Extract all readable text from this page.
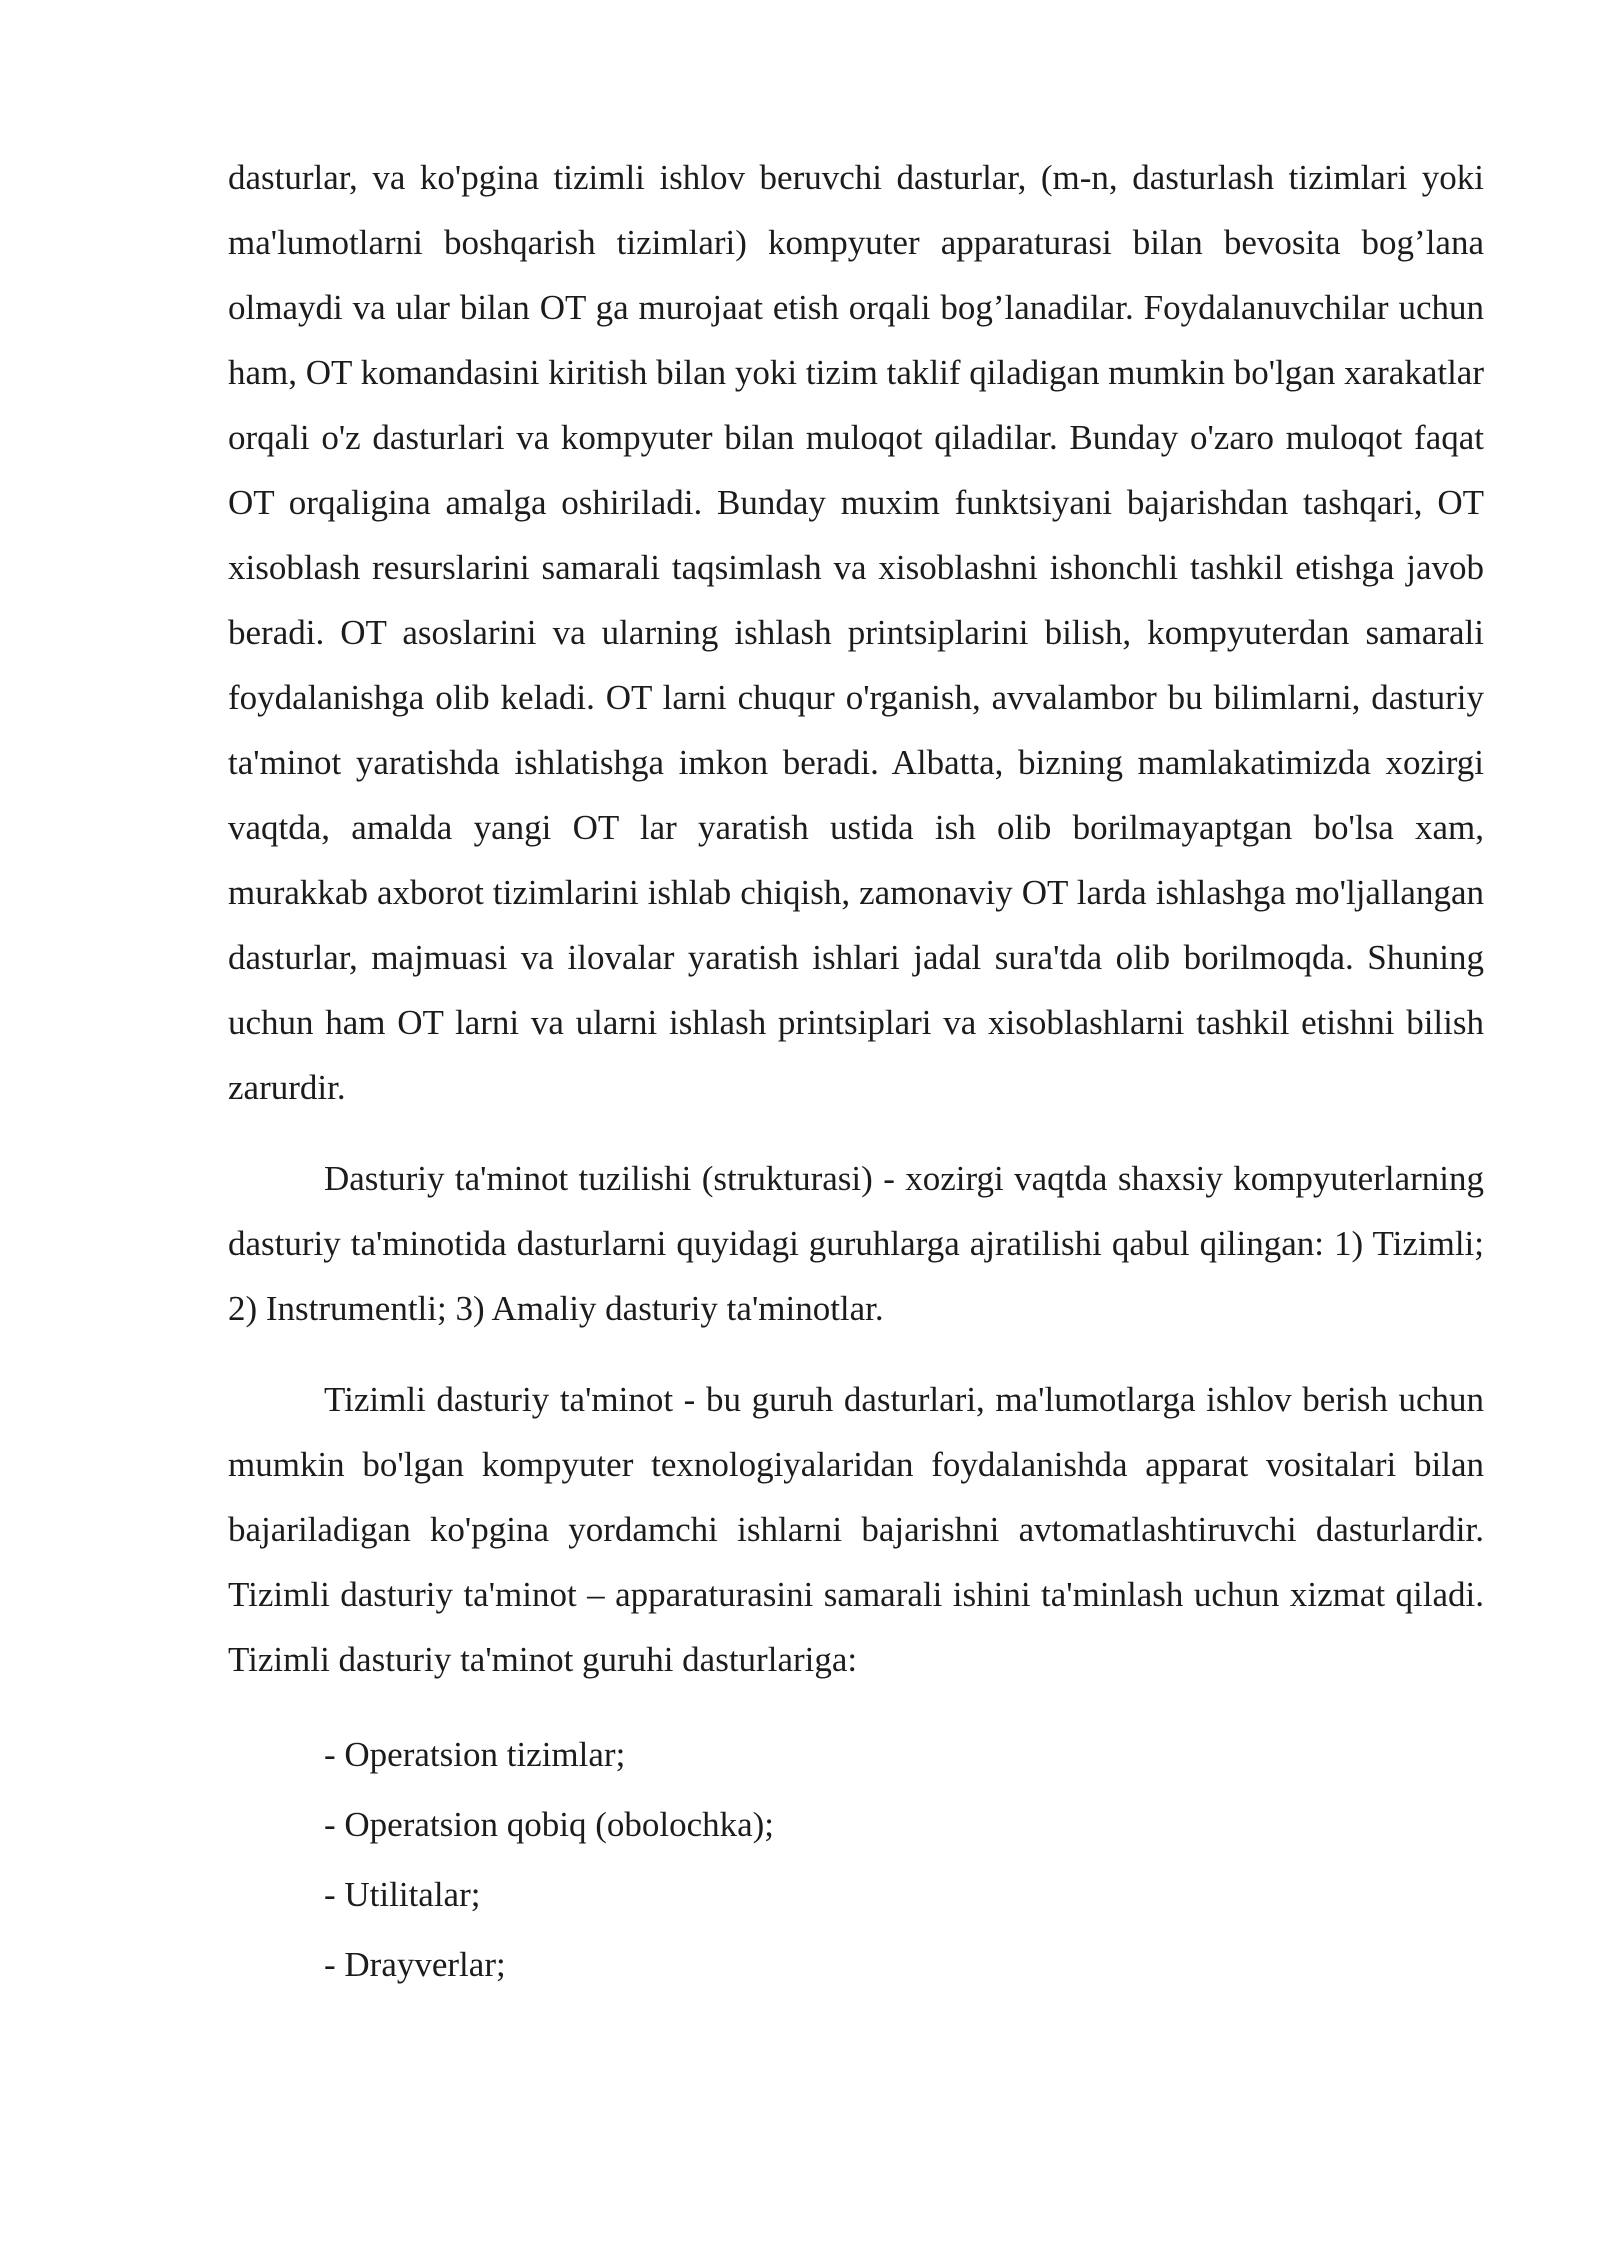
dasturlar, va ko'pgina tizimli ishlov beruvchi dasturlar, (m-n, dasturlash tizimlari yoki ma'lumotlarni boshqarish tizimlari) kompyuter apparaturasi bilan bevosita bog’lana olmaydi va ular bilan OT ga murojaat etish orqali bog’lanadilar. Foydalanuvchilar uchun ham, OT komandasini kiritish bilan yoki tizim taklif qiladigan mumkin bo'lgan xarakatlar orqali o'z dasturlari va kompyuter bilan muloqot qiladilar. Bunday o'zaro muloqot faqat OT orqaligina amalga oshiriladi. Bunday muxim funktsiyani bajarishdan tashqari, OT xisoblash resurslarini samarali taqsimlash va xisoblashni ishonchli tashkil etishga javob beradi. OT asoslarini va ularning ishlash printsiplarini bilish, kompyuterdan samarali foydalanishga olib keladi. OT larni chuqur o'rganish, avvalambor bu bilimlarni, dasturiy ta'minot yaratishda ishlatishga imkon beradi. Albatta, bizning mamlakatimizda xozirgi vaqtda, amalda yangi OT lar yaratish ustida ish olib borilmayaptgan bo'lsa xam, murakkab axborot tizimlarini ishlab chiqish, zamonaviy OT larda ishlashga mo'ljallangan dasturlar, majmuasi va ilovalar yaratish ishlari jadal sura'tda olib borilmoqda. Shuning uchun ham OT larni va ularni ishlash printsiplari va xisoblashlarni tashkil etishni bilish zarurdir.

Dasturiy ta'minot tuzilishi (strukturasi) - xozirgi vaqtda shaxsiy kompyuterlarning dasturiy ta'minotida dasturlarni quyidagi guruhlarga ajratilishi qabul qilingan: 1) Tizimli; 2) Instrumentli; 3) Amaliy dasturiy ta'minotlar.

Tizimli dasturiy ta'minot - bu guruh dasturlari, ma'lumotlarga ishlov berish uchun mumkin bo'lgan kompyuter texnologiyalaridan foydalanishda apparat vositalari bilan bajariladigan ko'pgina yordamchi ishlarni bajarishni avtomatlashtiruvchi dasturlardir. Tizimli dasturiy ta'minot – apparaturasini samarali ishini ta'minlash uchun xizmat qiladi. Tizimli dasturiy ta'minot guruhi dasturlariga:

- Operatsion tizimlar;
- Operatsion qobiq (obolochka);
- Utilitalar;
- Drayverlar;
